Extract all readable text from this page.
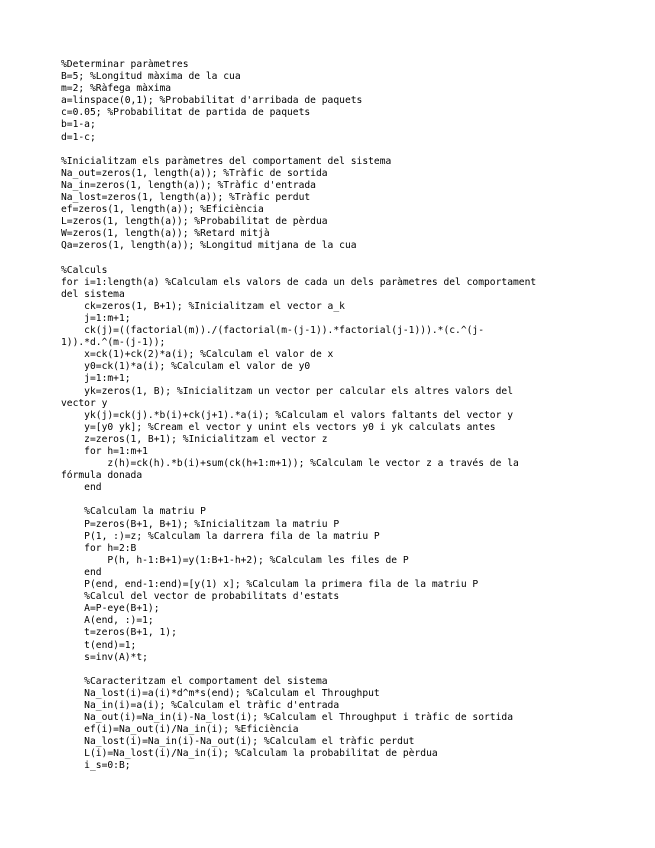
%Determinar paràmetres
B=5; %Longitud màxima de la cua
m=2; %Ràfega màxima
a=linspace(0,1); %Probabilitat d'arribada de paquets
c=0.05; %Probabilitat de partida de paquets
b=1-a;
d=1-c;
%Inicialitzam els paràmetres del comportament del sistema
Na_out=zeros(1, length(a)); %Tràfic de sortida
Na_in=zeros(1, length(a)); %Tràfic d'entrada
Na_lost=zeros(1, length(a)); %Tràfic perdut
ef=zeros(1, length(a)); %Eficiència
L=zeros(1, length(a)); %Probabilitat de pèrdua
W=zeros(1, length(a)); %Retard mitjà
Qa=zeros(1, length(a)); %Longitud mitjana de la cua
%Calculs
for i=1:length(a) %Calculam els valors de cada un dels paràmetres del comportament
del sistema
ck=zeros(1, B+1); %Inicialitzam el vector a_k
j=1:m+1;
ck(j)=((factorial(m))./(factorial(m-(j-1)).*factorial(j-1))).*(c.^(j-
1)).*d.^(m-(j-1));
x=ck(1)+ck(2)*a(i); %Calculam el valor de x
y0=ck(1)*a(i); %Calculam el valor de y0
j=1:m+1;
yk=zeros(1, B); %Inicialitzam un vector per calcular els altres valors del
vector y
yk(j)=ck(j).*b(i)+ck(j+1).*a(i); %Calculam el valors faltants del vector y
y=[y0 yk]; %Cream el vector y unint els vectors y0 i yk calculats antes
z=zeros(1, B+1); %Inicialitzam el vector z
for h=1:m+1
z(h)=ck(h).*b(i)+sum(ck(h+1:m+1)); %Calculam le vector z a través de la
fórmula donada
end
%Calculam la matriu P
P=zeros(B+1, B+1); %Inicialitzam la matriu P
P(1, :)=z; %Calculam la darrera fila de la matriu P
for h=2:B
P(h, h-1:B+1)=y(1:B+1-h+2); %Calculam les files de P
end
P(end, end-1:end)=[y(1) x]; %Calculam la primera fila de la matriu P
%Calcul del vector de probabilitats d'estats
A=P-eye(B+1);
A(end, :)=1;
t=zeros(B+1, 1);
t(end)=1;
s=inv(A)*t;
%Caracteritzam el comportament del sistema
Na_lost(i)=a(i)*d^m*s(end); %Calculam el Throughput
Na_in(i)=a(i); %Calculam el tràfic d'entrada
Na_out(i)=Na_in(i)-Na_lost(i); %Calculam el Throughput i tràfic de sortida
ef(i)=Na_out(i)/Na_in(i); %Eficiència
Na_lost(i)=Na_in(i)-Na_out(i); %Calculam el tràfic perdut
L(i)=Na_lost(i)/Na_in(i); %Calculam la probabilitat de pèrdua
i_s=0:B;
